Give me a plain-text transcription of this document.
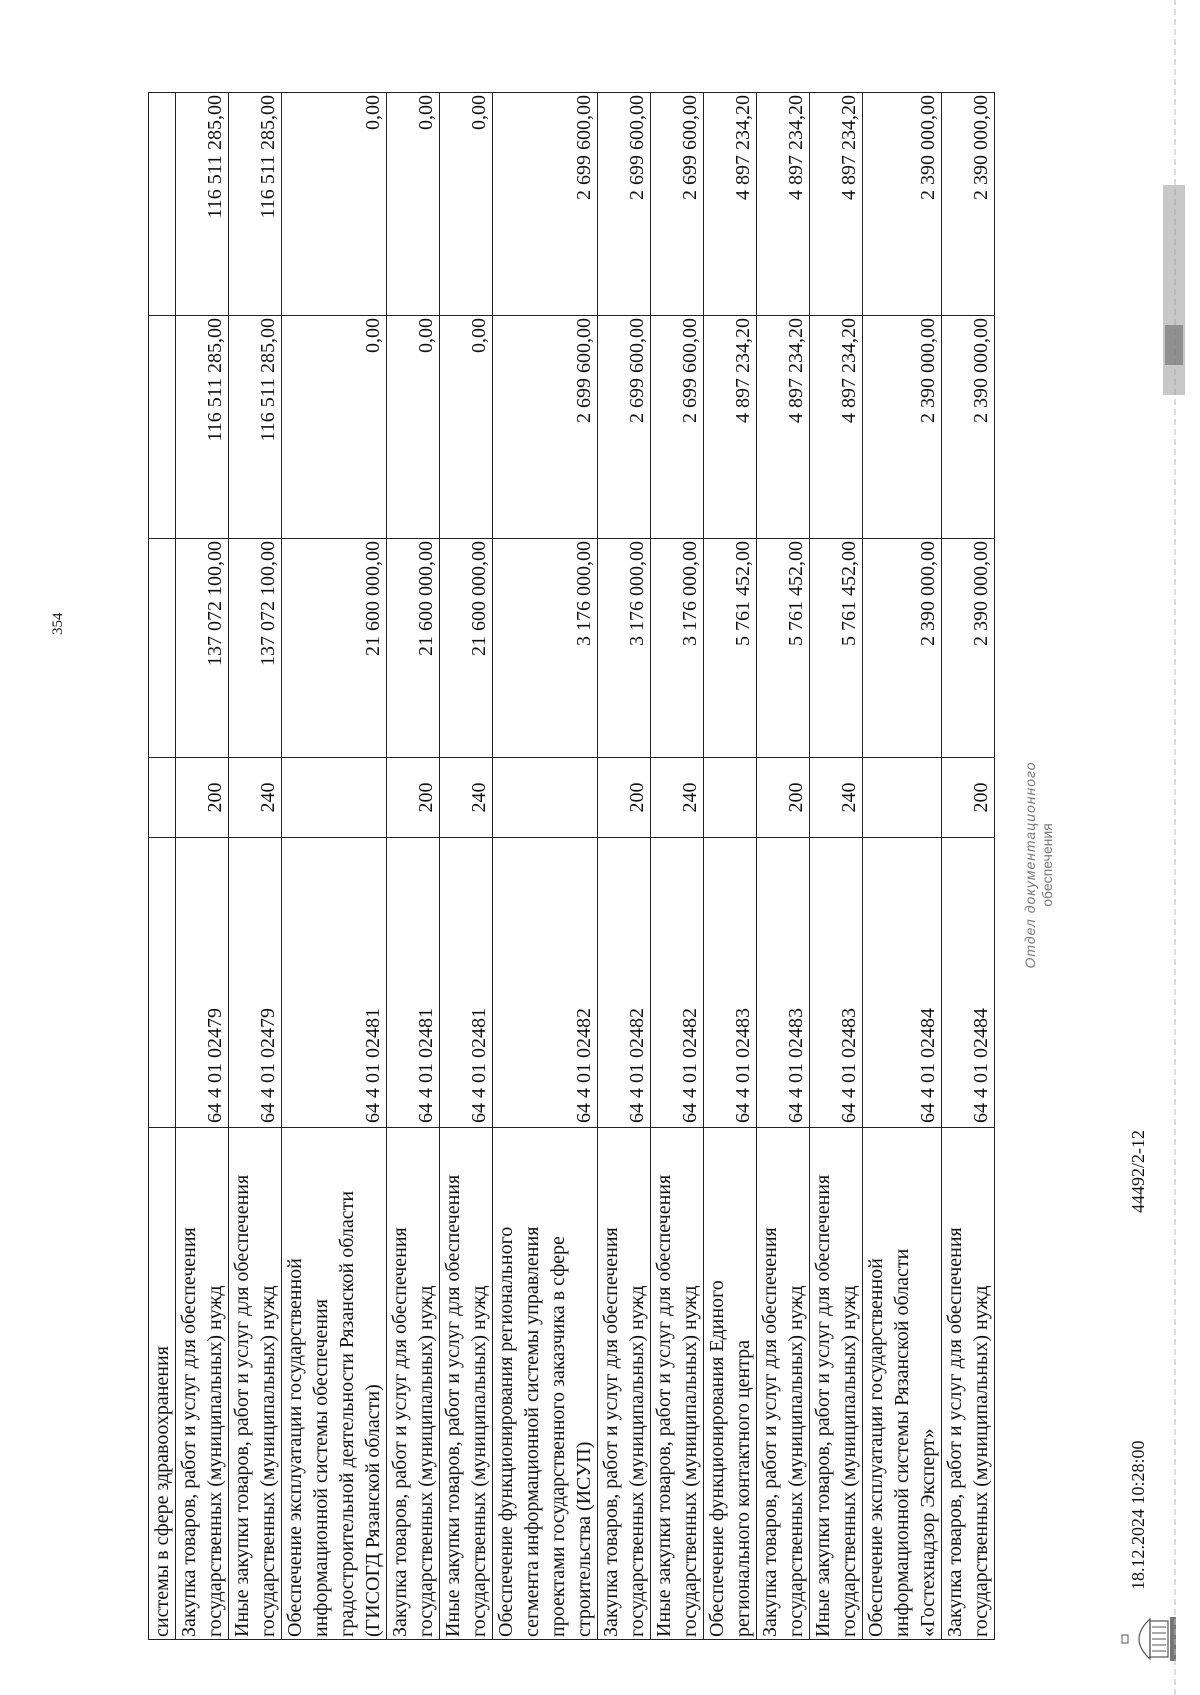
354
системы в сфере здравоохранения					

Закупка товаров, работ и услуг для обеспечения государственных (муниципальных) нужд	64 4 01 02479	200	137 072 100,00	116 511 285,00	116 511 285,00

Иные закупки товаров, работ и услуг для обеспечения государственных (муниципальных) нужд	64 4 01 02479	240	137 072 100,00	116 511 285,00	116 511 285,00

Обеспечение эксплуатации государственной информационной системы обеспечения градостроительной деятельности Рязанской области (ГИСОГД Рязанской области)	64 4 01 02481		21 600 000,00	0,00	0,00

Закупка товаров, работ и услуг для обеспечения государственных (муниципальных) нужд	64 4 01 02481	200	21 600 000,00	0,00	0,00

Иные закупки товаров, работ и услуг для обеспечения государственных (муниципальных) нужд	64 4 01 02481	240	21 600 000,00	0,00	0,00

Обеспечение функционирования регионального сегмента информационной системы управления проектами государственного заказчика в сфере строительства (ИСУП)	64 4 01 02482		3 176 000,00	2 699 600,00	2 699 600,00

Закупка товаров, работ и услуг для обеспечения государственных (муниципальных) нужд	64 4 01 02482	200	3 176 000,00	2 699 600,00	2 699 600,00

Иные закупки товаров, работ и услуг для обеспечения государственных (муниципальных) нужд	64 4 01 02482	240	3 176 000,00	2 699 600,00	2 699 600,00

Обеспечение функционирования Единого регионального контактного центра	64 4 01 02483		5 761 452,00	4 897 234,20	4 897 234,20

Закупка товаров, работ и услуг для обеспечения государственных (муниципальных) нужд	64 4 01 02483	200	5 761 452,00	4 897 234,20	4 897 234,20

Иные закупки товаров, работ и услуг для обеспечения государственных (муниципальных) нужд	64 4 01 02483	240	5 761 452,00	4 897 234,20	4 897 234,20

Обеспечение эксплуатации государственной информационной системы Рязанской области «Гостехнадзор Эксперт»	64 4 01 02484		2 390 000,00	2 390 000,00	2 390 000,00

Закупка товаров, работ и услуг для обеспечения государственных (муниципальных) нужд	64 4 01 02484	200	2 390 000,00	2 390 000,00	2 390 000,00
18.12.2024 10:28:00
44492/2-12
Отдел документационного обеспечения
